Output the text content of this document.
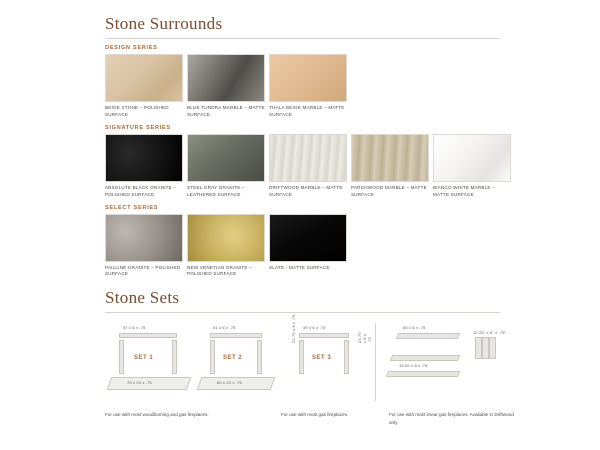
Stone Surrounds
DESIGN SERIES
BEIGE STONE – POLISHED SURFACE
BLUE TUNDRA MARBLE – MATTE SURFACE
THALA BEIGE MARBLE – MATTE SURFACE
SIGNATURE SERIES
ABSOLUTE BLACK GRANITE – POLISHED SURFACE
STEEL GRAY GRANITE – LEATHERED SURFACE
DRIFTWOOD MARBLE – MATTE SURFACE
PARCHWOOD MARBLE – MATTE SURFACE
BIANCO WHITE MARBLE – MATTE SURFACE
SELECT SERIES
PAILLINE GRANITE – POLISHED SURFACE
NEW VENETIAN GRANITE – POLISHED SURFACE
SLATE - MATTE SURFACE
Stone Sets
57 x 6 x .75
SET 1
70 x 20 x .75
51 x 6 x .75
SET 2
60 x 20 x .75
49 x 6 x .75
23.75 x 6 x .75	23.75 x 6 x .75
SET 3
55 x 6 x .75
15.00 x 6 x .75
10.25" x 6" x .75"
For use with most woodburning and gas fireplaces.	For use with most gas fireplaces.	For use with most linear gas fireplaces. Available in Driftwood only.
